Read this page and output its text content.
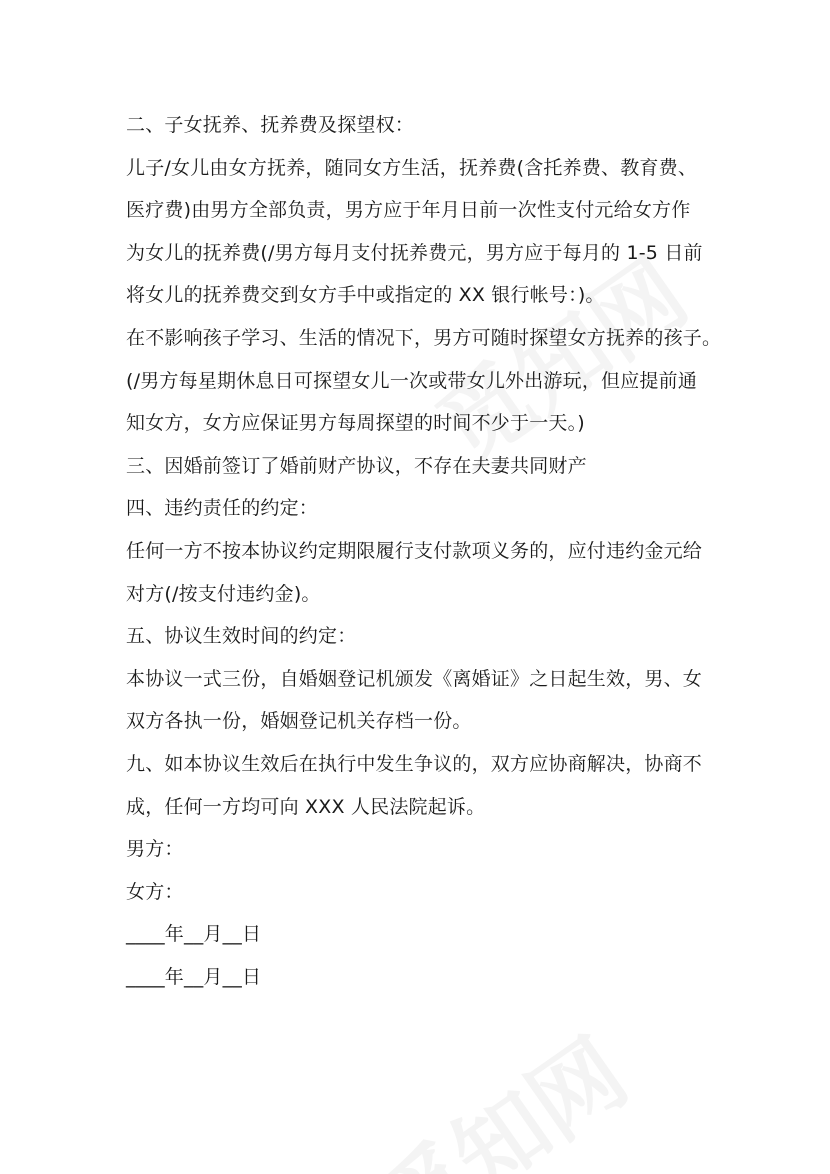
二、子女抚养、抚养费及探望权：
儿子/女儿由女方抚养，随同女方生活，抚养费(含托养费、教育费、
医疗费)由男方全部负责，男方应于年月日前一次性支付元给女方作
为女儿的抚养费(/男方每月支付抚养费元，男方应于每月的 1-5 日前
将女儿的抚养费交到女方手中或指定的 XX 银行帐号：)。
在不影响孩子学习、生活的情况下，男方可随时探望女方抚养的孩子。
(/男方每星期休息日可探望女儿一次或带女儿外出游玩，但应提前通
知女方，女方应保证男方每周探望的时间不少于一天。)
三、因婚前签订了婚前财产协议，不存在夫妻共同财产
四、违约责任的约定：
任何一方不按本协议约定期限履行支付款项义务的，应付违约金元给
对方(/按支付违约金)。
五、协议生效时间的约定：
本协议一式三份，自婚姻登记机颁发《离婚证》之日起生效，男、女
双方各执一份，婚姻登记机关存档一份。
九、如本协议生效后在执行中发生争议的，双方应协商解决，协商不
成，任何一方均可向 XXX 人民法院起诉。
男方：
女方：
____年__月__日
____年__月__日
